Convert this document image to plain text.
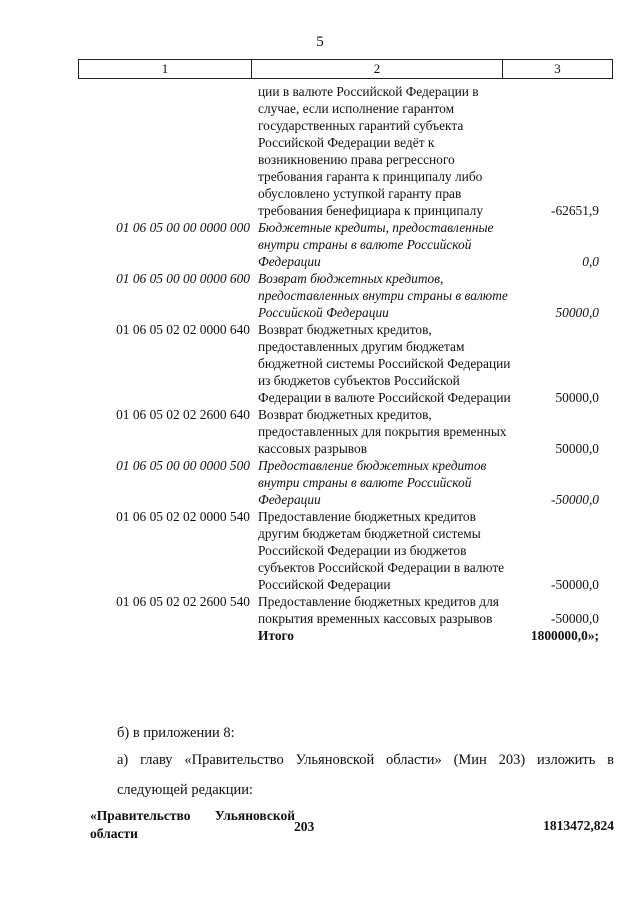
5
1	2	3
ции в валюте Российской Федерации в случае, если исполнение гарантом государственных гарантий субъекта Российской Федерации ведёт к возникновению права регрессного требования гаранта к принципалу либо обусловлено уступкой гаранту прав требования бенефициара к принципалу	-62651,9
01 06 05 00 00 0000 000 Бюджетные кредиты, предоставленные внутри страны в валюте Российской Федерации	0,0
01 06 05 00 00 0000 600 Возврат бюджетных кредитов, предоставленных внутри страны в валюте Российской Федерации	50000,0
01 06 05 02 02 0000 640 Возврат бюджетных кредитов, предоставленных другим бюджетам бюджетной системы Российской Федерации из бюджетов субъектов Российской Федерации в валюте Российской Федерации	50000,0
01 06 05 02 02 2600 640 Возврат бюджетных кредитов, предоставленных для покрытия временных кассовых разрывов	50000,0
01 06 05 00 00 0000 500 Предоставление бюджетных кредитов внутри страны в валюте Российской Федерации	-50000,0
01 06 05 02 02 0000 540 Предоставление бюджетных кредитов другим бюджетам бюджетной системы Российской Федерации из бюджетов субъектов Российской Федерации в валюте Российской Федерации	-50000,0
01 06 05 02 02 2600 540 Предоставление бюджетных кредитов для покрытия временных кассовых разрывов	-50000,0
Итого	1800000,0»;
б) в приложении 8:
а) главу «Правительство Ульяновской области» (Мин 203) изложить в следующей редакции:
«Правительство Ульяновской области	203	1813472,824
